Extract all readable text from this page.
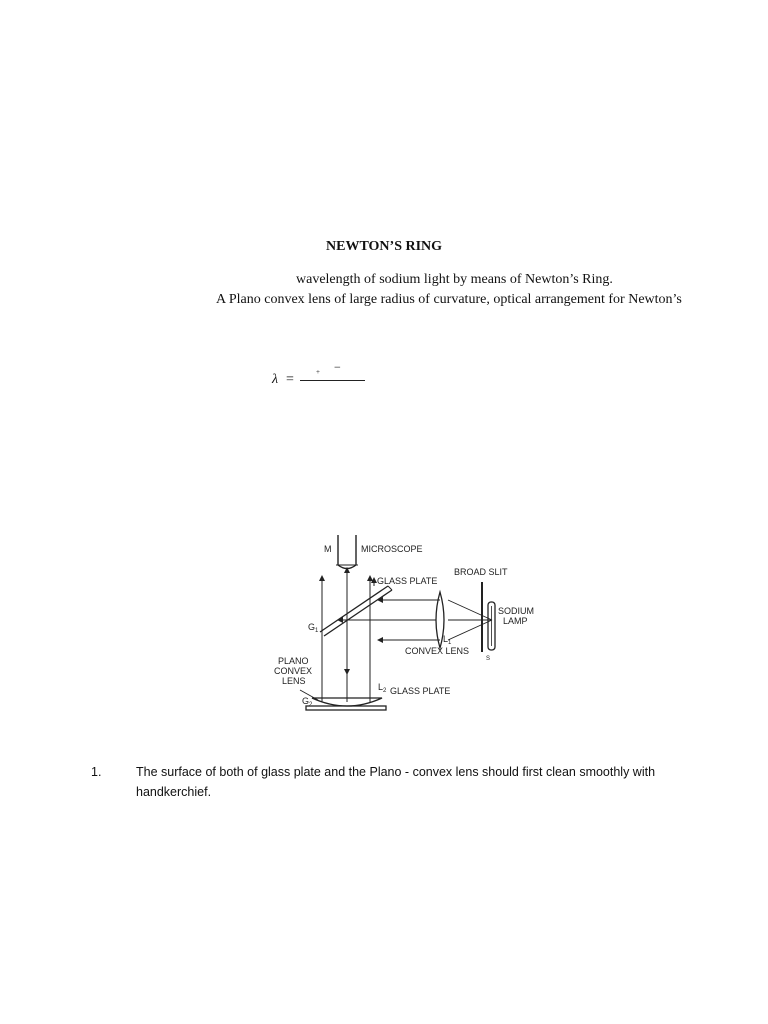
NEWTON’S RING
wavelength of sodium light by means of Newton’s Ring.
A Plano convex lens of large radius of curvature, optical arrangement for Newton’s
λ =	+ −
M	MICROSCOPE
BROAD SLIT
SODIUM
LAMP
S
$L_1$
CONVEX LENS
GLASS PLATE
$G_1$
PLANO
CONVEX
LENS
$L_2$ GLASS PLATE
$G_2$
1.	The surface of both of glass plate and the Plano - convex lens should first clean smoothly with handkerchief.
